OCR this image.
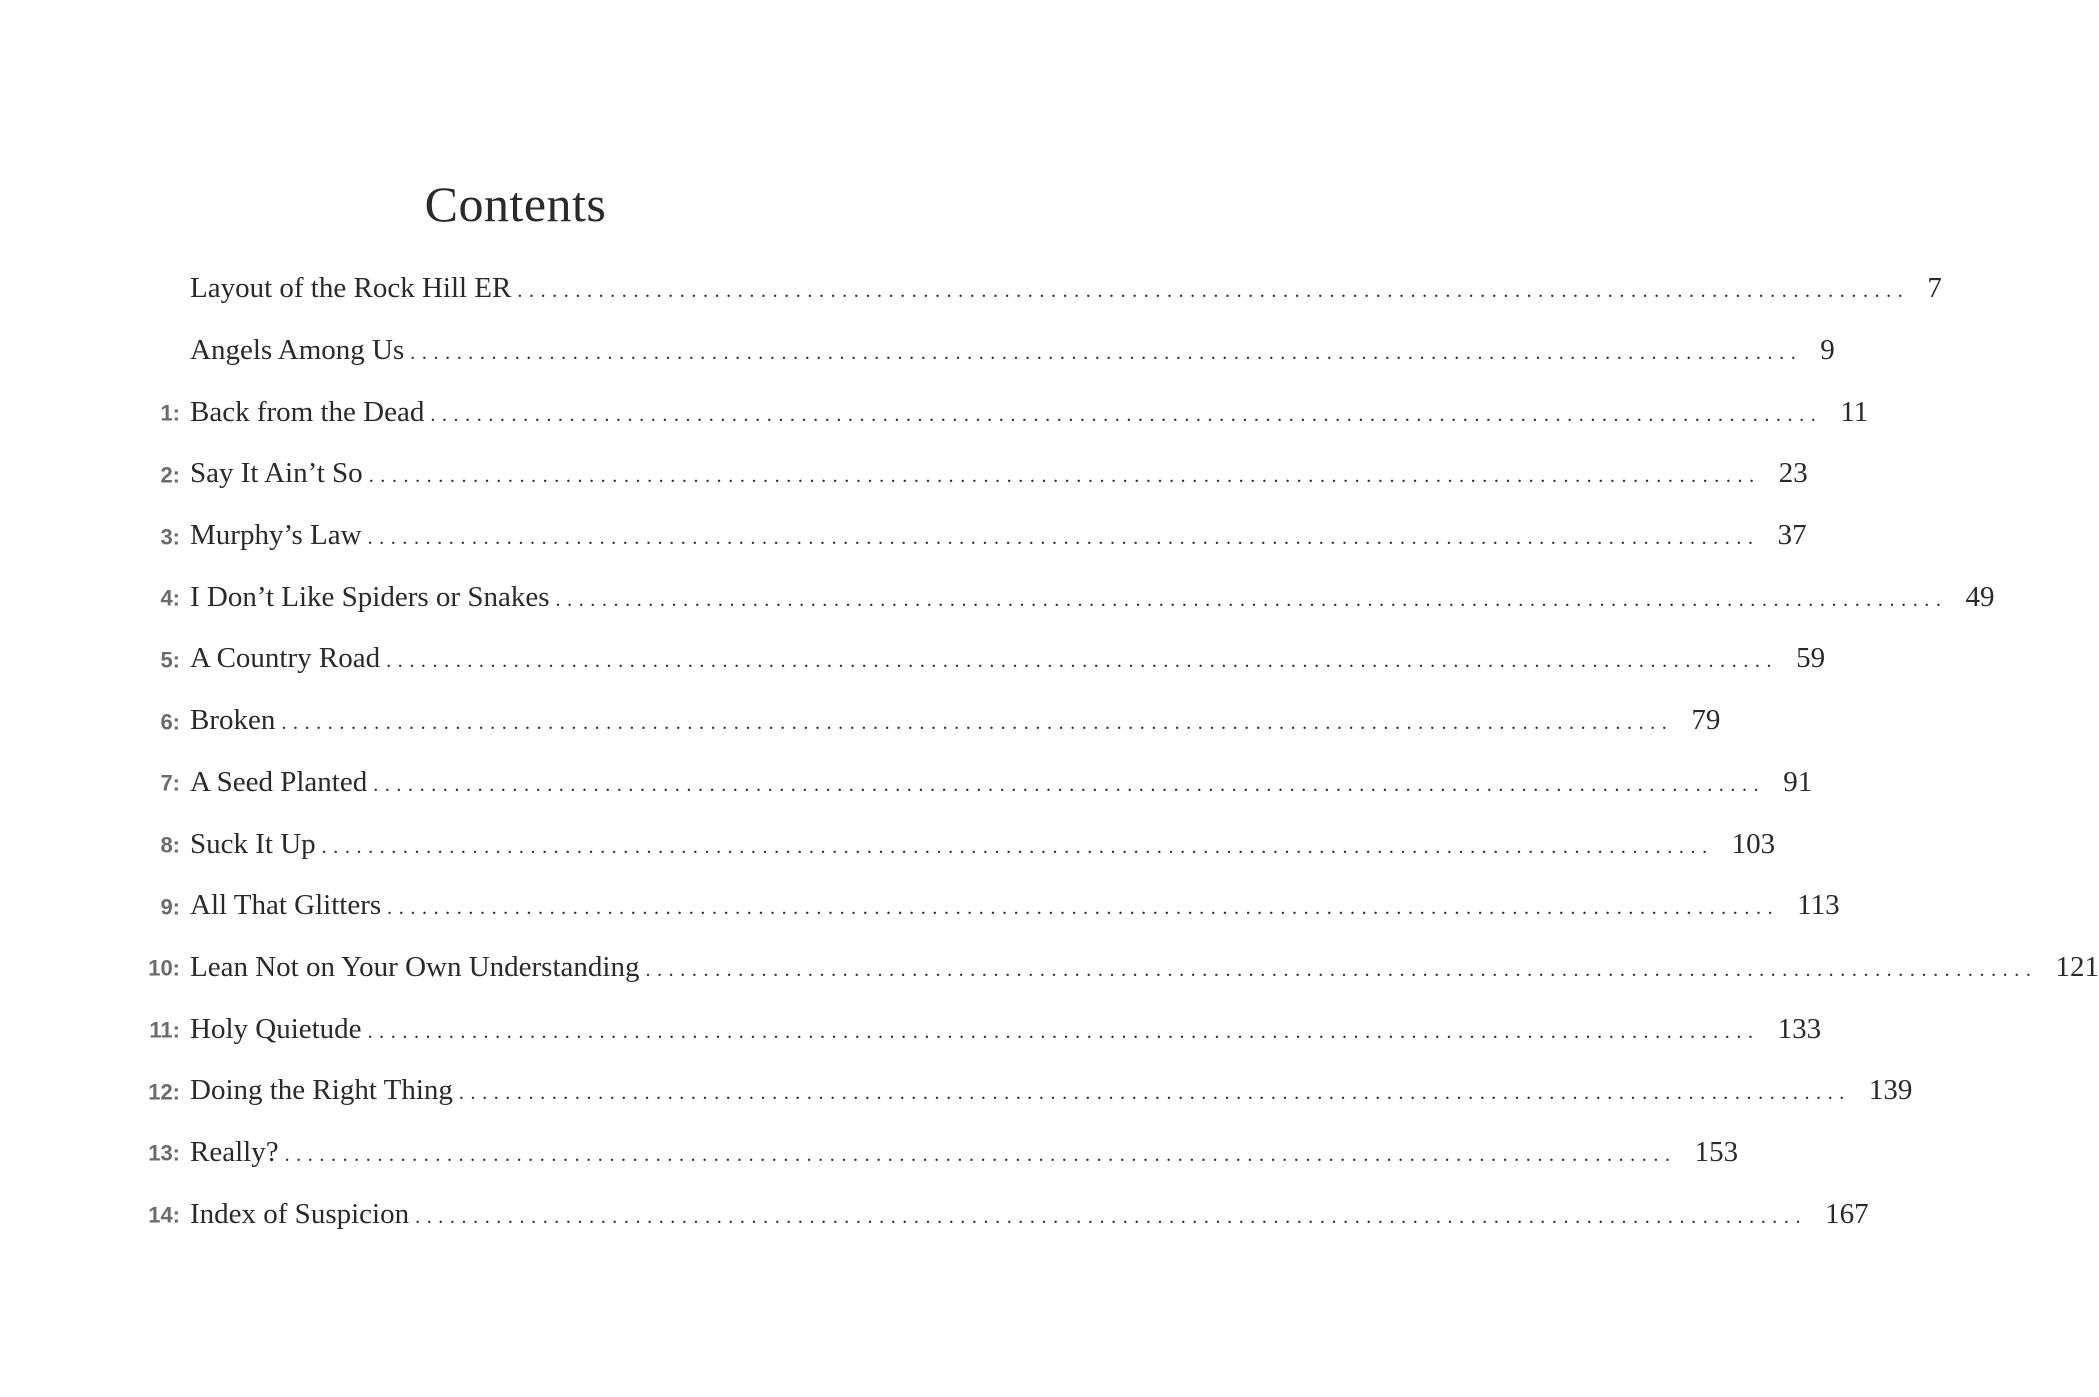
Contents
Layout of the Rock Hill ER ........................................................................................................................ 7
Angels Among Us ........................................................................................................................ 9
1: Back from the Dead ........................................................................................................................ 11
2: Say It Ain’t So ........................................................................................................................ 23
3: Murphy’s Law ........................................................................................................................ 37
4: I Don’t Like Spiders or Snakes ........................................................................................................................ 49
5: A Country Road ........................................................................................................................ 59
6: Broken ........................................................................................................................ 79
7: A Seed Planted ........................................................................................................................ 91
8: Suck It Up ........................................................................................................................ 103
9: All That Glitters ........................................................................................................................ 113
10: Lean Not on Your Own Understanding ........................................................................................................................ 121
11: Holy Quietude ........................................................................................................................ 133
12: Doing the Right Thing ........................................................................................................................ 139
13: Really? ........................................................................................................................ 153
14: Index of Suspicion ........................................................................................................................ 167
